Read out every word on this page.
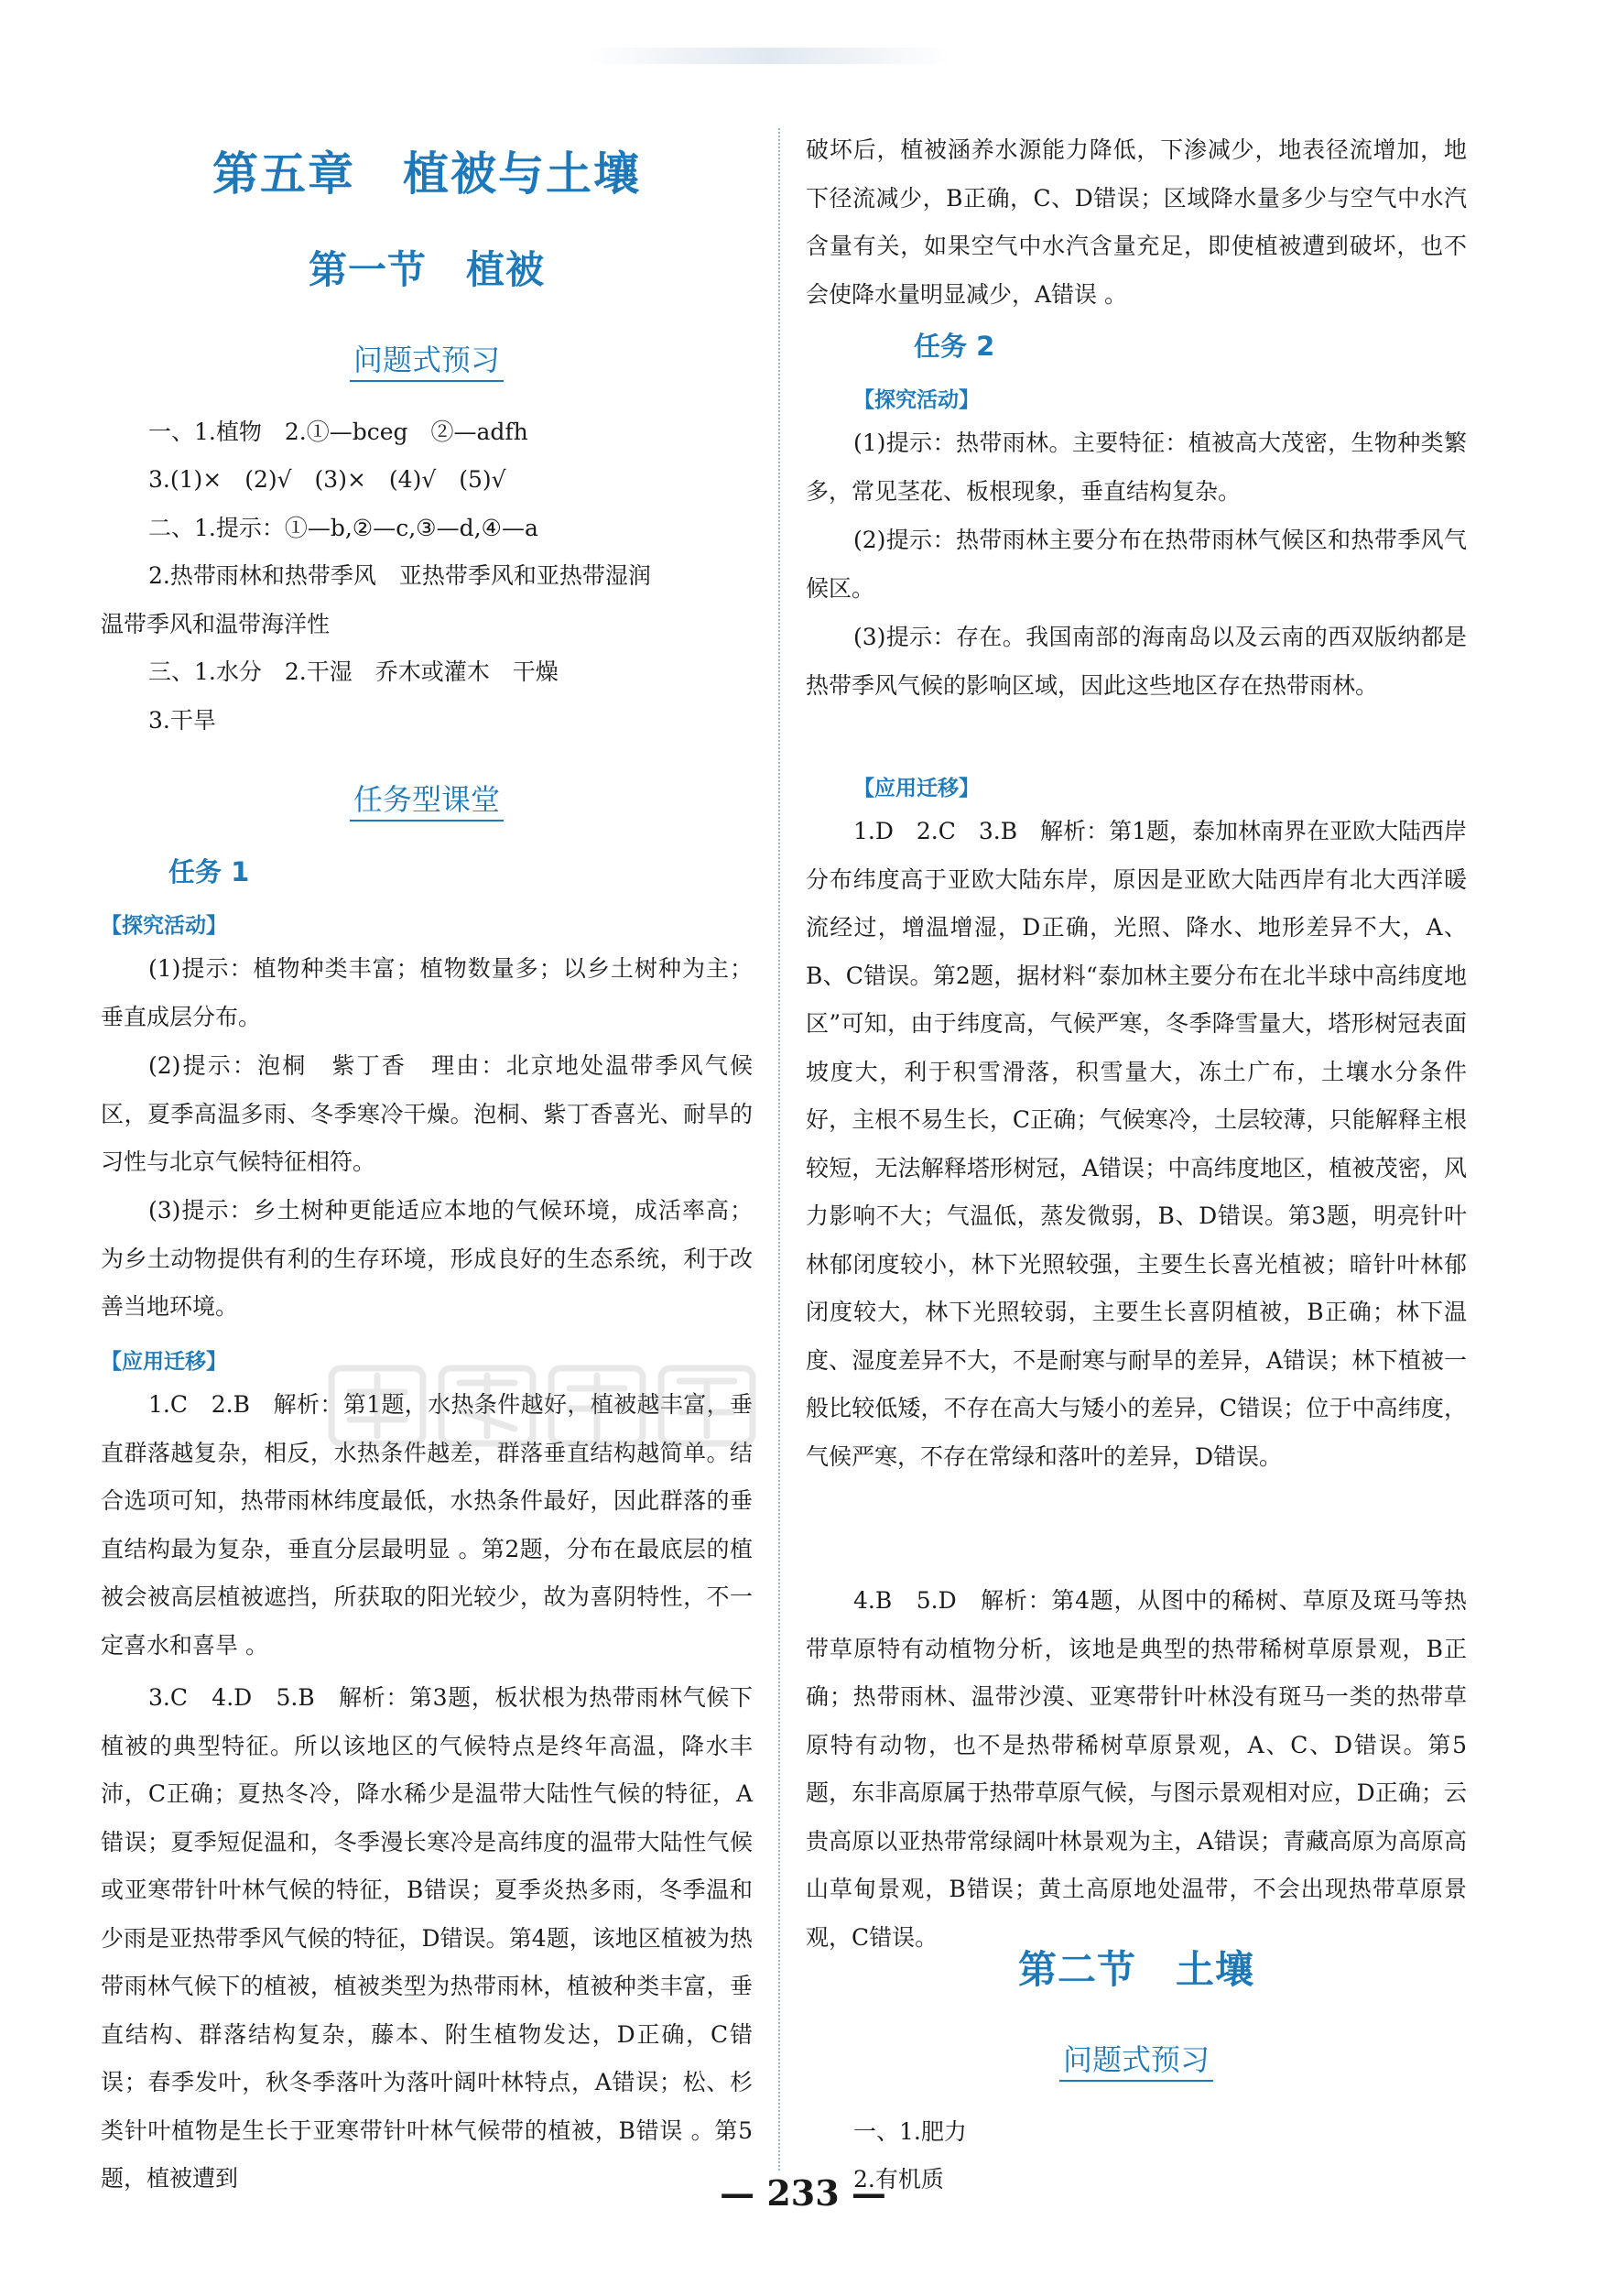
第五章　植被与土壤
第一节　植被
问题式预习

一、1.植物　2.①—bceg　②—adfh

3.(1)×　(2)√　(3)×　(4)√　(5)√

二、1.提示：①—b,②—c,③—d,④—a

2.热带雨林和热带季风　亚热带季风和亚热带湿润

温带季风和温带海洋性

三、1.水分　2.干湿　乔木或灌木　干燥

3.干旱

任务型课堂
任务 1
【探究活动】

(1)提示：植物种类丰富；植物数量多；以乡土树种为主；垂直成层分布。

(2)提示：泡桐　紫丁香　理由：北京地处温带季风气候区，夏季高温多雨、冬季寒冷干燥。泡桐、紫丁香喜光、耐旱的习性与北京气候特征相符。

(3)提示：乡土树种更能适应本地的气候环境，成活率高；为乡土动物提供有利的生存环境，形成良好的生态系统，利于改善当地环境。

【应用迁移】

1.C　2.B　解析：第1题，水热条件越好，植被越丰富，垂直群落越复杂，相反，水热条件越差，群落垂直结构越简单。结合选项可知，热带雨林纬度最低，水热条件最好，因此群落的垂直结构最为复杂，垂直分层最明显 。第2题，分布在最底层的植被会被高层植被遮挡，所获取的阳光较少，故为喜阴特性，不一定喜水和喜旱 。

3.C　4.D　5.B　解析：第3题，板状根为热带雨林气候下植被的典型特征。所以该地区的气候特点是终年高温，降水丰沛，C正确；夏热冬冷，降水稀少是温带大陆性气候的特征，A错误；夏季短促温和，冬季漫长寒冷是高纬度的温带大陆性气候或亚寒带针叶林气候的特征，B错误；夏季炎热多雨，冬季温和少雨是亚热带季风气候的特征，D错误。第4题，该地区植被为热带雨林气候下的植被，植被类型为热带雨林，植被种类丰富，垂直结构、群落结构复杂，藤本、附生植物发达，D正确，C错误；春季发叶，秋冬季落叶为落叶阔叶林特点，A错误；松、杉类针叶植物是生长于亚寒带针叶林气候带的植被，B错误 。第5题，植被遭到

破坏后，植被涵养水源能力降低，下渗减少，地表径流增加，地下径流减少，B正确，C、D错误；区域降水量多少与空气中水汽含量有关，如果空气中水汽含量充足，即使植被遭到破坏，也不会使降水量明显减少，A错误 。

任务 2
【探究活动】

(1)提示：热带雨林。主要特征：植被高大茂密，生物种类繁多，常见茎花、板根现象，垂直结构复杂。

(2)提示：热带雨林主要分布在热带雨林气候区和热带季风气候区。

(3)提示：存在。我国南部的海南岛以及云南的西双版纳都是热带季风气候的影响区域，因此这些地区存在热带雨林。

【应用迁移】

1.D　2.C　3.B　解析：第1题，泰加林南界在亚欧大陆西岸分布纬度高于亚欧大陆东岸，原因是亚欧大陆西岸有北大西洋暖流经过，增温增湿，D正确，光照、降水、地形差异不大，A、B、C错误。第2题，据材料“泰加林主要分布在北半球中高纬度地区”可知，由于纬度高，气候严寒，冬季降雪量大，塔形树冠表面坡度大，利于积雪滑落，积雪量大，冻土广布，土壤水分条件好，主根不易生长，C正确；气候寒冷，土层较薄，只能解释主根较短，无法解释塔形树冠，A错误；中高纬度地区，植被茂密，风力影响不大；气温低，蒸发微弱，B、D错误。第3题，明亮针叶林郁闭度较小，林下光照较强，主要生长喜光植被；暗针叶林郁闭度较大，林下光照较弱，主要生长喜阴植被，B正确；林下温度、湿度差异不大，不是耐寒与耐旱的差异，A错误；林下植被一般比较低矮，不存在高大与矮小的差异，C错误；位于中高纬度，气候严寒，不存在常绿和落叶的差异，D错误。

4.B　5.D　解析：第4题，从图中的稀树、草原及斑马等热带草原特有动植物分析，该地是典型的热带稀树草原景观，B正确；热带雨林、温带沙漠、亚寒带针叶林没有斑马一类的热带草原特有动物，也不是热带稀树草原景观，A、C、D错误。第5题，东非高原属于热带草原气候，与图示景观相对应，D正确；云贵高原以亚热带常绿阔叶林景观为主，A错误；青藏高原为高原高山草甸景观，B错误；黄土高原地处温带，不会出现热带草原景观，C错误。

第二节　土壤
问题式预习

一、1.肥力

2.有机质

— 233 —
